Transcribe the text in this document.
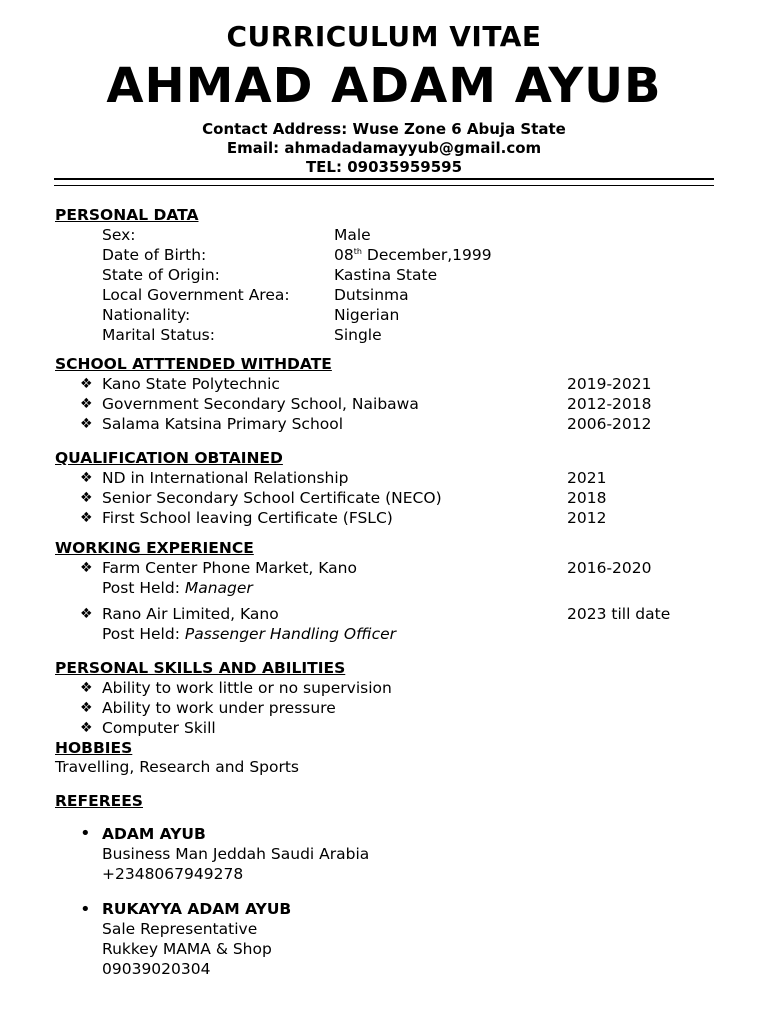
CURRICULUM VITAE
AHMAD ADAM AYUB
Contact Address: Wuse Zone 6 Abuja State
Email: ahmadadamayyub@gmail.com
TEL: 09035959595
PERSONAL DATA
Sex:	Male
Date of Birth:	08th December,1999
State of Origin:	Kastina State
Local Government Area:	Dutsinma
Nationality:	Nigerian
Marital Status:	Single
SCHOOL ATTTENDED WITHDATE
❖ Kano State Polytechnic	2019-2021
❖ Government Secondary School, Naibawa	2012-2018
❖ Salama Katsina Primary School	2006-2012
QUALIFICATION OBTAINED
❖ ND in International Relationship	2021
❖ Senior Secondary School Certificate (NECO)	2018
❖ First School leaving Certificate (FSLC)	2012
WORKING EXPERIENCE
❖ Farm Center Phone Market, Kano	2016-2020
Post Held: Manager
❖ Rano Air Limited, Kano	2023 till date
Post Held: Passenger Handling Officer
PERSONAL SKILLS AND ABILITIES
❖ Ability to work little or no supervision
❖ Ability to work under pressure
❖ Computer Skill
HOBBIES
Travelling, Research and Sports
REFEREES
• ADAM AYUB
Business Man Jeddah Saudi Arabia
+2348067949278
• RUKAYYA ADAM AYUB
Sale Representative
Rukkey MAMA & Shop
09039020304
